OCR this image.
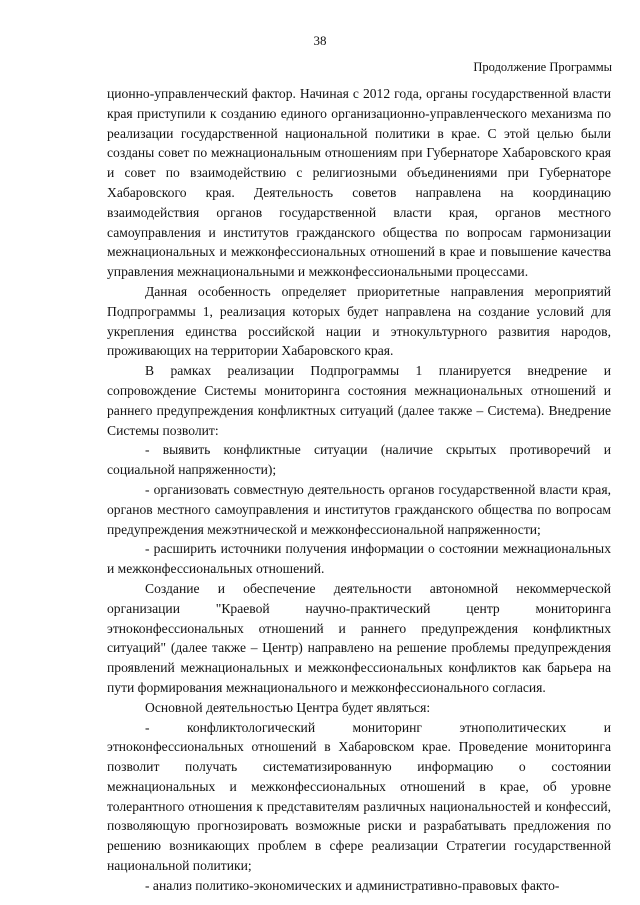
38
Продолжение Программы

ционно-управленческий фактор. Начиная с 2012 года, органы государственной власти края приступили к созданию единого организационно-управленческого механизма по реализации государственной национальной политики в крае. С этой целью были созданы совет по межнациональным отношениям при Губернаторе Хабаровского края и совет по взаимодействию с религиозными объединениями при Губернаторе Хабаровского края. Деятельность советов направлена на координацию взаимодействия органов государственной власти края, органов местного самоуправления и институтов гражданского общества по вопросам гармонизации межнациональных и межконфессиональных отношений в крае и повышение качества управления межнациональными и межконфессиональными процессами.

Данная особенность определяет приоритетные направления мероприятий Подпрограммы 1, реализация которых будет направлена на создание условий для укрепления единства российской нации и этнокультурного развития народов, проживающих на территории Хабаровского края.

В рамках реализации Подпрограммы 1 планируется внедрение и сопровождение Системы мониторинга состояния межнациональных отношений и раннего предупреждения конфликтных ситуаций (далее также – Система). Внедрение Системы позволит:

- выявить конфликтные ситуации (наличие скрытых противоречий и социальной напряженности);

- организовать совместную деятельность органов государственной власти края, органов местного самоуправления и институтов гражданского общества по вопросам предупреждения межэтнической и межконфессиональной напряженности;

- расширить источники получения информации о состоянии межнациональных и межконфессиональных отношений.

Создание и обеспечение деятельности автономной некоммерческой организации "Краевой научно-практический центр мониторинга этноконфессиональных отношений и раннего предупреждения конфликтных ситуаций" (далее также – Центр) направлено на решение проблемы предупреждения проявлений межнациональных и межконфессиональных конфликтов как барьера на пути формирования межнационального и межконфессионального согласия.

Основной деятельностью Центра будет являться:

- конфликтологический мониторинг этнополитических и этноконфессиональных отношений в Хабаровском крае. Проведение мониторинга позволит получать систематизированную информацию о состоянии межнациональных и межконфессиональных отношений в крае, об уровне толерантного отношения к представителям различных национальностей и конфессий, позволяющую прогнозировать возможные риски и разрабатывать предложения по решению возникающих проблем в сфере реализации Стратегии государственной национальной политики;

- анализ политико-экономических и административно-правовых факто-
